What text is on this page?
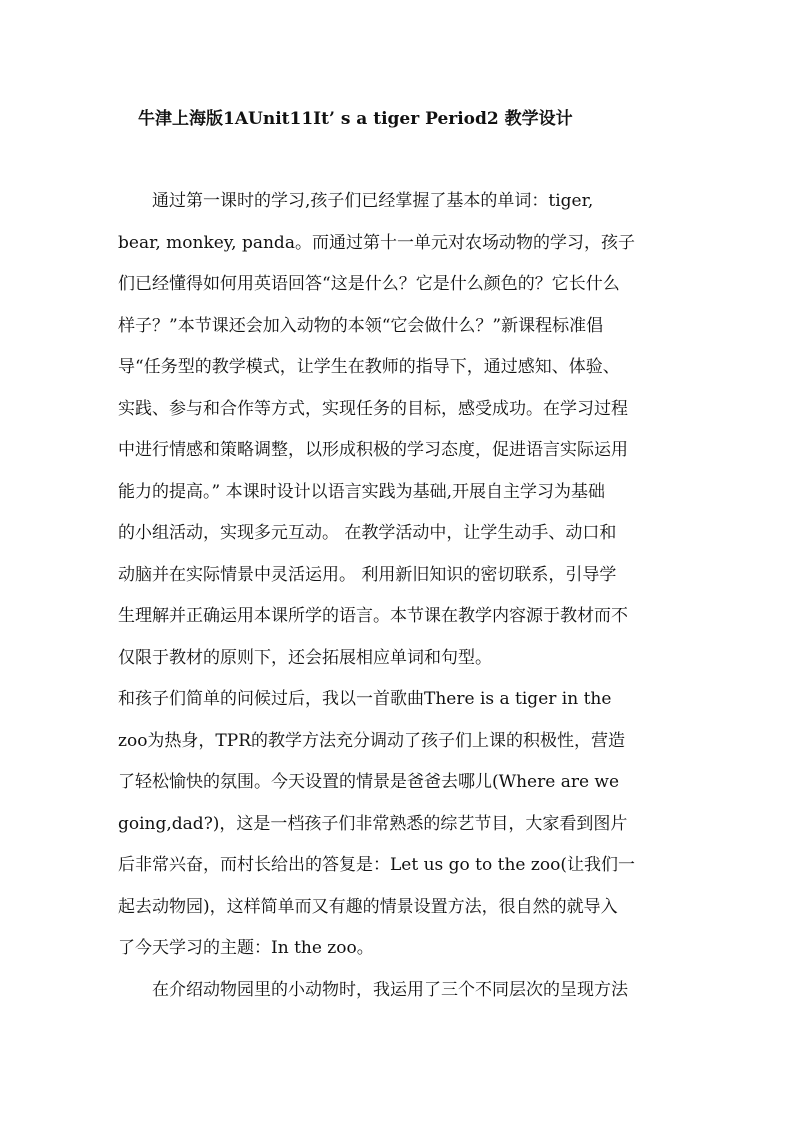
牛津上海版1AUnit11It’ s a tiger Period2 教学设计
　　通过第一课时的学习,孩子们已经掌握了基本的单词：tiger,
bear, monkey, panda。而通过第十一单元对农场动物的学习，孩子
们已经懂得如何用英语回答“这是什么？它是什么颜色的？它长什么
样子？”本节课还会加入动物的本领“它会做什么？”新课程标准倡
导“任务型的教学模式，让学生在教师的指导下，通过感知、体验、
实践、参与和合作等方式，实现任务的目标，感受成功。在学习过程
中进行情感和策略调整，以形成积极的学习态度，促进语言实际运用
能力的提高。” 本课时设计以语言实践为基础,开展自主学习为基础
的小组活动，实现多元互动。 在教学活动中，让学生动手、动口和
动脑并在实际情景中灵活运用。 利用新旧知识的密切联系，引导学
生理解并正确运用本课所学的语言。本节课在教学内容源于教材而不
仅限于教材的原则下，还会拓展相应单词和句型。
和孩子们简单的问候过后，我以一首歌曲There is a tiger in the
zoo为热身，TPR的教学方法充分调动了孩子们上课的积极性，营造
了轻松愉快的氛围。今天设置的情景是爸爸去哪儿(Where are we
going,dad?)，这是一档孩子们非常熟悉的综艺节目，大家看到图片
后非常兴奋，而村长给出的答复是：Let us go to the zoo(让我们一
起去动物园)，这样简单而又有趣的情景设置方法，很自然的就导入
了今天学习的主题：In the zoo。
　　在介绍动物园里的小动物时，我运用了三个不同层次的呈现方法
